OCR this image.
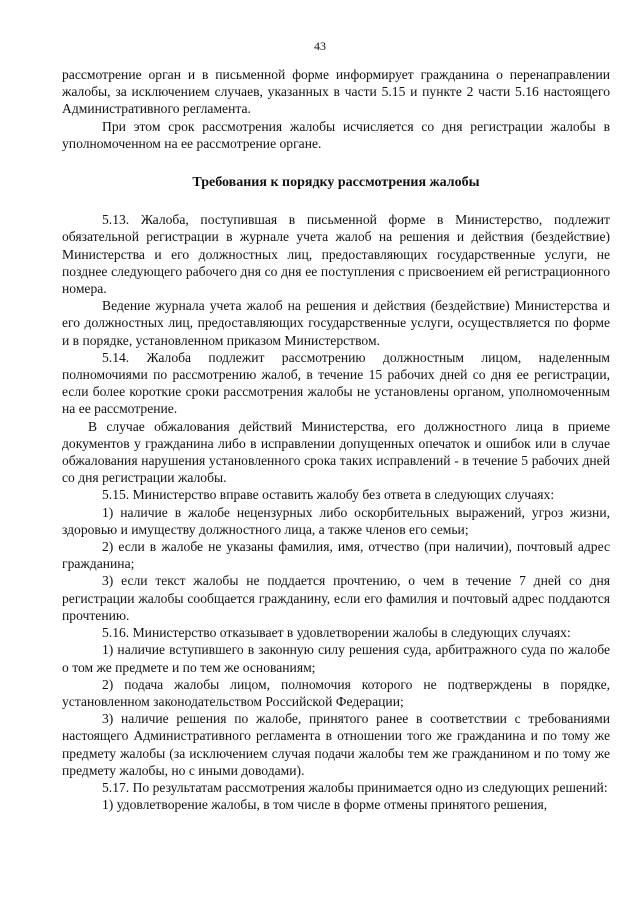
43

рассмотрение орган и в письменной форме информирует гражданина о перенаправлении жалобы, за исключением случаев, указанных в части 5.15 и пункте 2 части 5.16 настоящего Административного регламента.

При этом срок рассмотрения жалобы исчисляется со дня регистрации жалобы в уполномоченном на ее рассмотрение органе.

Требования к порядку рассмотрения жалобы

5.13. Жалоба, поступившая в письменной форме в Министерство, подлежит обязательной регистрации в журнале учета жалоб на решения и действия (бездействие) Министерства и его должностных лиц, предоставляющих государственные услуги, не позднее следующего рабочего дня со дня ее поступления с присвоением ей регистрационного номера.

Ведение журнала учета жалоб на решения и действия (бездействие) Министерства и его должностных лиц, предоставляющих государственные услуги, осуществляется по форме и в порядке, установленном приказом Министерством.

5.14. Жалоба подлежит рассмотрению должностным лицом, наделенным полномочиями по рассмотрению жалоб, в течение 15 рабочих дней со дня ее регистрации, если более короткие сроки рассмотрения жалобы не установлены органом, уполномоченным на ее рассмотрение.

В случае обжалования действий Министерства, его должностного лица в приеме документов у гражданина либо в исправлении допущенных опечаток и ошибок или в случае обжалования нарушения установленного срока таких исправлений - в течение 5 рабочих дней со дня регистрации жалобы.

5.15. Министерство вправе оставить жалобу без ответа в следующих случаях:

1) наличие в жалобе нецензурных либо оскорбительных выражений, угроз жизни, здоровью и имуществу должностного лица, а также членов его семьи;

2) если в жалобе не указаны фамилия, имя, отчество (при наличии), почтовый адрес гражданина;

3) если текст жалобы не поддается прочтению, о чем в течение 7 дней со дня регистрации жалобы сообщается гражданину, если его фамилия и почтовый адрес поддаются прочтению.

5.16. Министерство отказывает в удовлетворении жалобы в следующих случаях:

1) наличие вступившего в законную силу решения суда, арбитражного суда по жалобе о том же предмете и по тем же основаниям;

2) подача жалобы лицом, полномочия которого не подтверждены в порядке, установленном законодательством Российской Федерации;

3) наличие решения по жалобе, принятого ранее в соответствии с требованиями настоящего Административного регламента в отношении того же гражданина и по тому же предмету жалобы (за исключением случая подачи жалобы тем же гражданином и по тому же предмету жалобы, но с иными доводами).

5.17. По результатам рассмотрения жалобы принимается одно из следующих решений:

1) удовлетворение жалобы, в том числе в форме отмены принятого решения,
